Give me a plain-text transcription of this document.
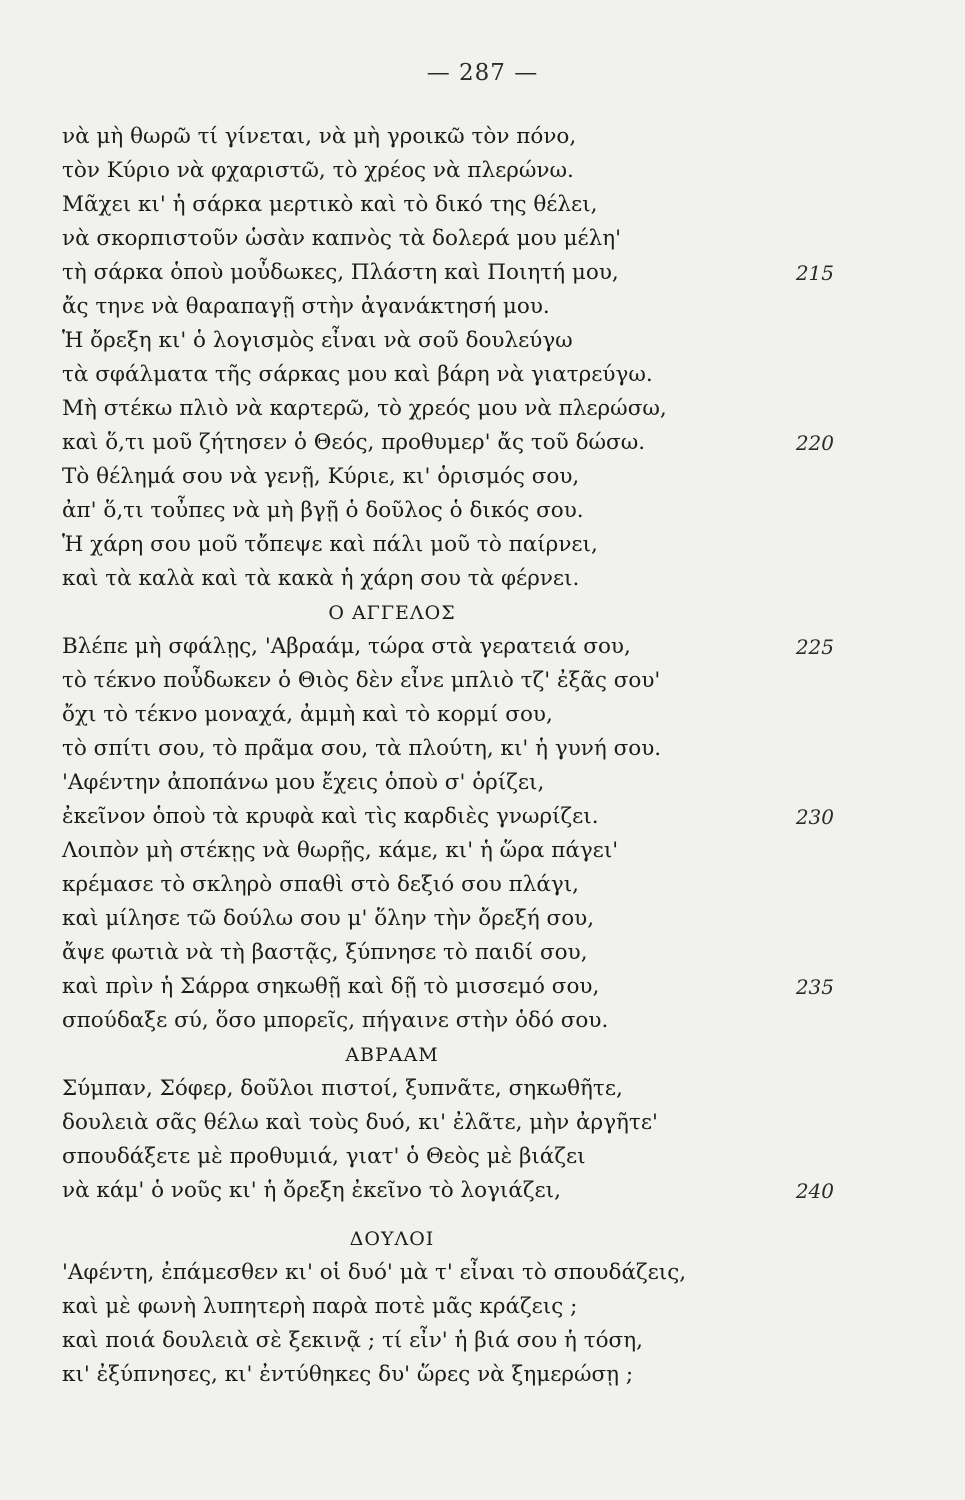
— 287 —
νὰ μὴ θωρῶ τί γίνεται, νὰ μὴ γροικῶ τὸν πόνο,
τὸν Κύριο νὰ φχαριστῶ, τὸ χρέος νὰ πλερώνω.
Μᾶχει κι' ἡ σάρκα μερτικὸ καὶ τὸ δικό της θέλει,
νὰ σκορπιστοῦν ὡσὰν καπνὸς τὰ δολερά μου μέλη'
τὴ σάρκα ὁποὺ μοὖδωκες, Πλάστη καὶ Ποιητή μου,	215
ἄς τηνε νὰ θαραπαγῇ στὴν ἀγανάκτησή μου.
Ἡ ὄρεξη κι' ὁ λογισμὸς εἶναι νὰ σοῦ δουλεύγω
τὰ σφάλματα τῆς σάρκας μου καὶ βάρη νὰ γιατρεύγω.
Μὴ στέκω πλιὸ νὰ καρτερῶ, τὸ χρεός μου νὰ πλερώσω,
καὶ ὅ,τι μοῦ ζήτησεν ὁ Θεός, προθυμερ' ἄς τοῦ δώσω.	220
Τὸ θέλημά σου νὰ γενῇ, Κύριε, κι' ὁρισμός σου,
ἀπ' ὅ,τι τοὖπες νὰ μὴ βγῇ ὁ δοῦλος ὁ δικός σου.
Ἡ χάρη σου μοῦ τὄπεψε καὶ πάλι μοῦ τὸ παίρνει,
καὶ τὰ καλὰ καὶ τὰ κακὰ ἡ χάρη σου τὰ φέρνει.
Ο ΑΓΓΕΛΟΣ
Βλέπε μὴ σφάλῃς, 'Αβραάμ, τώρα στὰ γερατειά σου,	225
τὸ τέκνο ποὖδωκεν ὁ Θιὸς δὲν εἶνε μπλιὸ τζ' ἐξᾶς σου'
ὄχι τὸ τέκνο μοναχά, ἀμμὴ καὶ τὸ κορμί σου,
τὸ σπίτι σου, τὸ πρᾶμα σου, τὰ πλούτη, κι' ἡ γυνή σου.
'Αφέντην ἀποπάνω μου ἔχεις ὁποὺ σ' ὁρίζει,
ἐκεῖνον ὁποὺ τὰ κρυφὰ καὶ τὶς καρδιὲς γνωρίζει.	230
Λοιπὸν μὴ στέκῃς νὰ θωρῇς, κάμε, κι' ἡ ὥρα πάγει'
κρέμασε τὸ σκληρὸ σπαθὶ στὸ δεξιό σου πλάγι,
καὶ μίλησε τῶ δούλω σου μ' ὅλην τὴν ὄρεξή σου,
ἄψε φωτιὰ νὰ τὴ βαστᾷς, ξύπνησε τὸ παιδί σου,
καὶ πρὶν ἡ Σάρρα σηκωθῇ καὶ δῇ τὸ μισσεμό σου,	235
σπούδαξε σύ, ὅσο μπορεῖς, πήγαινε στὴν ὁδό σου.
ΑΒΡΑΑΜ
Σύμπαν, Σόφερ, δοῦλοι πιστοί, ξυπνᾶτε, σηκωθῆτε,
δουλειὰ σᾶς θέλω καὶ τοὺς δυό, κι' ἐλᾶτε, μὴν ἀργῆτε'
σπουδάξετε μὲ προθυμιά, γιατ' ὁ Θεὸς μὲ βιάζει
νὰ κάμ' ὁ νοῦς κι' ἡ ὄρεξη ἐκεῖνο τὸ λογιάζει,	240
ΔΟΥΛΟΙ
'Αφέντη, ἐπάμεσθεν κι' οἱ δυό' μὰ τ' εἶναι τὸ σπουδάζεις,
καὶ μὲ φωνὴ λυπητερὴ παρὰ ποτὲ μᾶς κράζεις ;
καὶ ποιά δουλειὰ σὲ ξεκινᾷ ; τί εἶν' ἡ βιά σου ἡ τόση,
κι' ἐξύπνησες, κι' ἐντύθηκες δυ' ὥρες νὰ ξημερώσῃ ;
